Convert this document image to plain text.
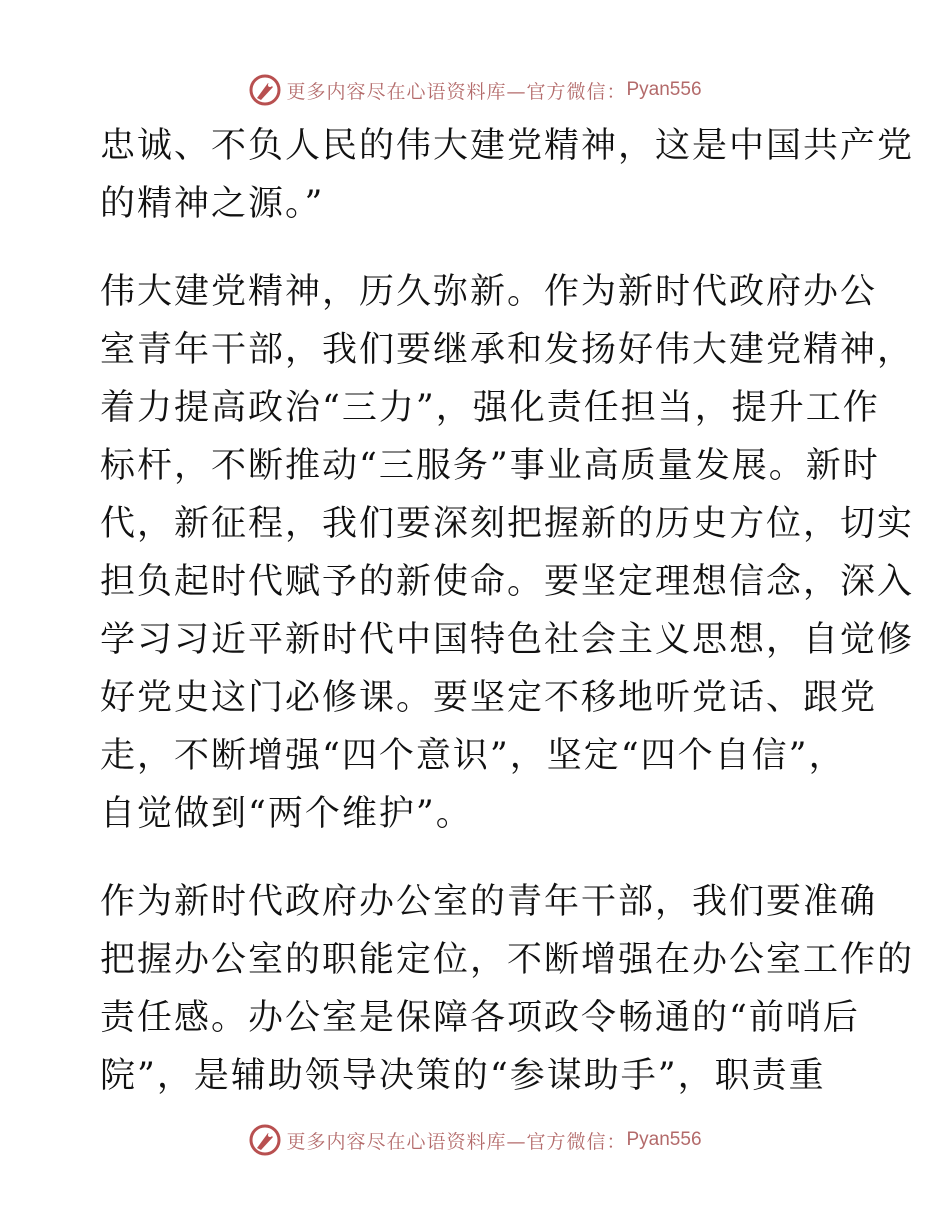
更多内容尽在心语资料库—官方微信： Pyan556
忠诚、不负人民的伟大建党精神，这是中国共产党
的精神之源。”
伟大建党精神，历久弥新。作为新时代政府办公
室青年干部，我们要继承和发扬好伟大建党精神，
着力提高政治“三力”，强化责任担当，提升工作
标杆，不断推动“三服务”事业高质量发展。新时
代，新征程，我们要深刻把握新的历史方位，切实
担负起时代赋予的新使命。要坚定理想信念，深入
学习习近平新时代中国特色社会主义思想，自觉修
好党史这门必修课。要坚定不移地听党话、跟党
走，不断增强“四个意识”，坚定“四个自信”，
自觉做到“两个维护”。
作为新时代政府办公室的青年干部，我们要准确
把握办公室的职能定位，不断增强在办公室工作的
责任感。办公室是保障各项政令畅通的“前哨后
院”，是辅助领导决策的“参谋助手”，职责重
更多内容尽在心语资料库—官方微信： Pyan556
